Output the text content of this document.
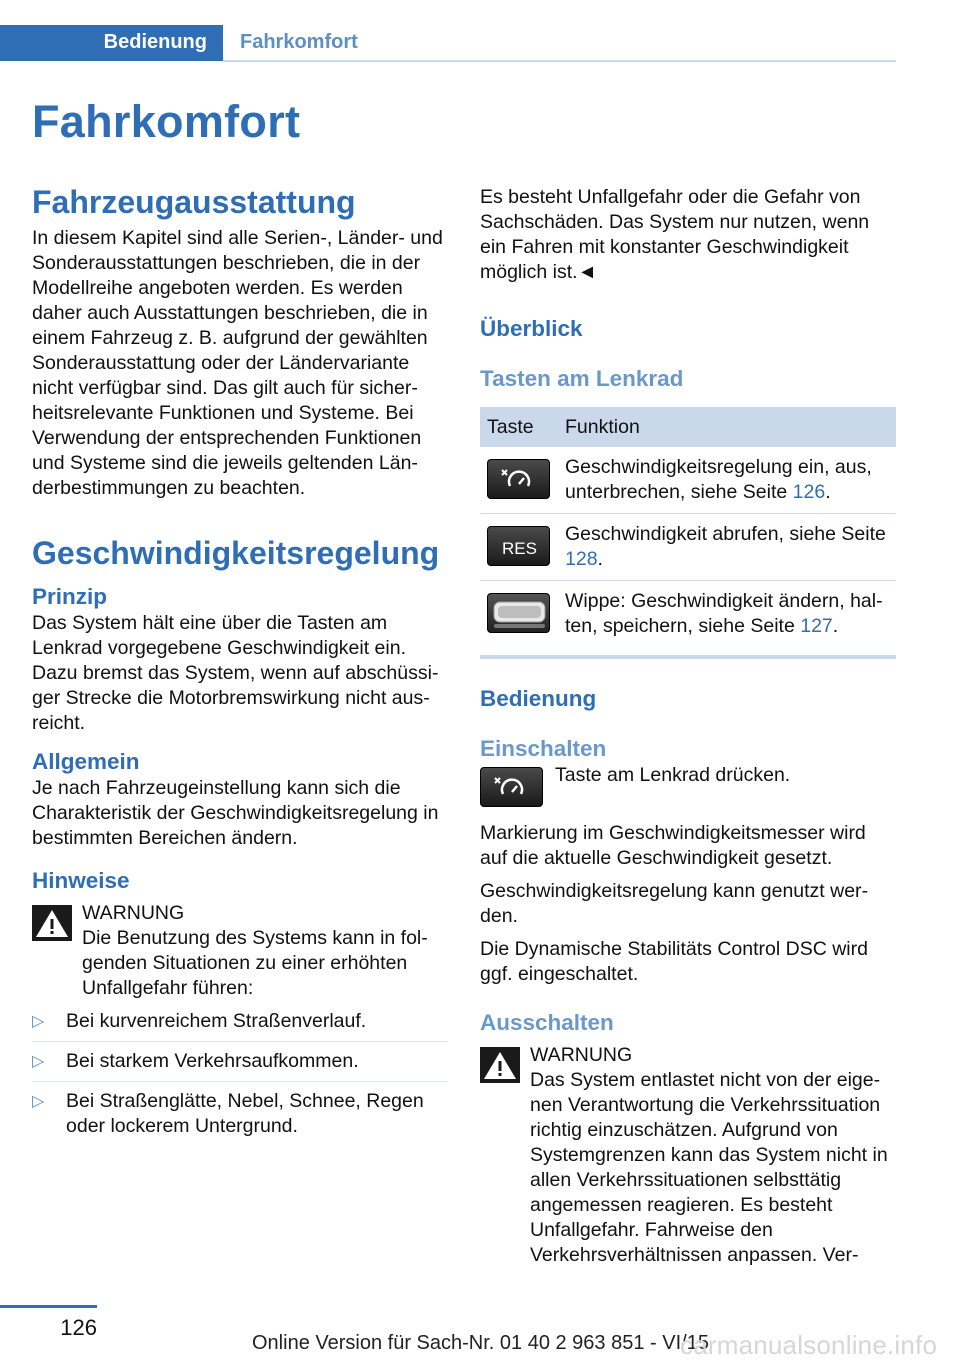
Bedienung	Fahrkomfort
Fahrkomfort
Fahrzeugausstattung

In diesem Kapitel sind alle Serien-, Länder- und Sonderausstattungen beschrieben, die in der Modellreihe angeboten werden. Es werden daher auch Ausstattungen beschrieben, die in einem Fahrzeug z. B. aufgrund der gewählten Sonderausstattung oder der Ländervariante nicht verfügbar sind. Das gilt auch für sicherheitsrelevante Funktionen und Systeme. Bei Verwendung der entsprechenden Funktionen und Systeme sind die jeweils geltenden Länderbestimmungen zu beachten.

Geschwindigkeitsregelung
Prinzip

Das System hält eine über die Tasten am Lenkrad vorgegebene Geschwindigkeit ein. Dazu bremst das System, wenn auf abschüssiger Strecke die Motorbremswirkung nicht ausreicht.

Allgemein

Je nach Fahrzeugeinstellung kann sich die Charakteristik der Geschwindigkeitsregelung in bestimmten Bereichen ändern.

Hinweise
WARNUNG
Die Benutzung des Systems kann in folgenden Situationen zu einer erhöhten Unfallgefahr führen:
▷ Bei kurvenreichem Straßenverlauf.
▷ Bei starkem Verkehrsaufkommen.
▷ Bei Straßenglätte, Nebel, Schnee, Regen oder lockerem Untergrund.

Es besteht Unfallgefahr oder die Gefahr von Sachschäden. Das System nur nutzen, wenn ein Fahren mit konstanter Geschwindigkeit möglich ist.◄

Überblick
Tasten am Lenkrad
Taste	Funktion

	Geschwindigkeitsregelung ein, aus, unterbrechen, siehe Seite 126.

RES	Geschwindigkeit abrufen, siehe Seite 128.

	Wippe: Geschwindigkeit ändern, halten, speichern, siehe Seite 127.
Bedienung
Einschalten

Taste am Lenkrad drücken.

Markierung im Geschwindigkeitsmesser wird auf die aktuelle Geschwindigkeit gesetzt.

Geschwindigkeitsregelung kann genutzt werden.

Die Dynamische Stabilitäts Control DSC wird ggf. eingeschaltet.

Ausschalten
WARNUNG
Das System entlastet nicht von der eigenen Verantwortung die Verkehrssituation richtig einzuschätzen. Aufgrund von Systemgrenzen kann das System nicht in allen Verkehrssituationen selbsttätig angemessen reagieren. Es besteht Unfallgefahr. Fahrweise den Verkehrsverhältnissen anpassen. Ver-
126
Online Version für Sach-Nr. 01 40 2 963 851 - VI/15
carmanualsonline.info
